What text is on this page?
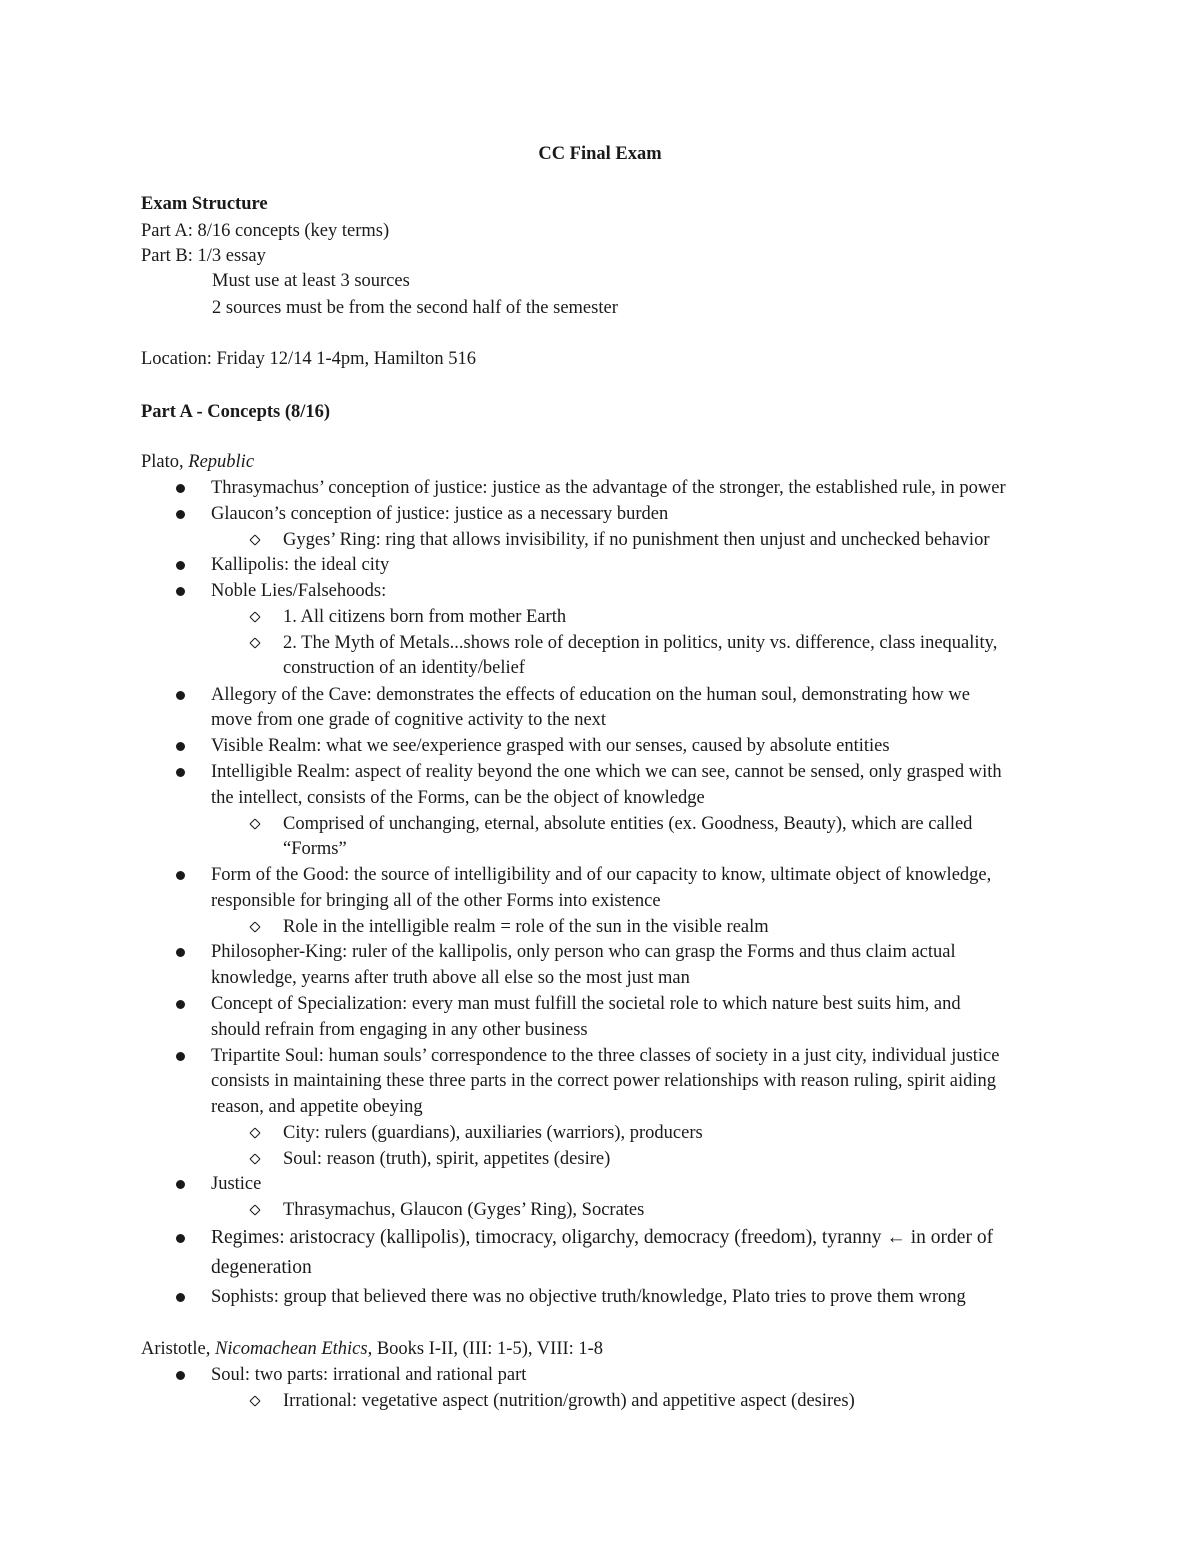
CC Final Exam
Exam Structure
Part A: 8/16 concepts (key terms)
Part B: 1/3 essay
Must use at least 3 sources
2 sources must be from the second half of the semester
Location: Friday 12/14 1-4pm, Hamilton 516
Part A - Concepts (8/16)
Plato, Republic
Thrasymachus’ conception of justice: justice as the advantage of the stronger, the established rule, in power
Glaucon’s conception of justice: justice as a necessary burden
Gyges’ Ring: ring that allows invisibility, if no punishment then unjust and unchecked behavior
Kallipolis: the ideal city
Noble Lies/Falsehoods:
1. All citizens born from mother Earth
2. The Myth of Metals...shows role of deception in politics, unity vs. difference, class inequality,
construction of an identity/belief
Allegory of the Cave: demonstrates the effects of education on the human soul, demonstrating how we
move from one grade of cognitive activity to the next
Visible Realm: what we see/experience grasped with our senses, caused by absolute entities
Intelligible Realm: aspect of reality beyond the one which we can see, cannot be sensed, only grasped with
the intellect, consists of the Forms, can be the object of knowledge
Comprised of unchanging, eternal, absolute entities (ex. Goodness, Beauty), which are called
“Forms”
Form of the Good: the source of intelligibility and of our capacity to know, ultimate object of knowledge,
responsible for bringing all of the other Forms into existence
Role in the intelligible realm = role of the sun in the visible realm
Philosopher-King: ruler of the kallipolis, only person who can grasp the Forms and thus claim actual
knowledge, yearns after truth above all else so the most just man
Concept of Specialization: every man must fulfill the societal role to which nature best suits him, and
should refrain from engaging in any other business
Tripartite Soul: human souls’ correspondence to the three classes of society in a just city, individual justice
consists in maintaining these three parts in the correct power relationships with reason ruling, spirit aiding
reason, and appetite obeying
City: rulers (guardians), auxiliaries (warriors), producers
Soul: reason (truth), spirit, appetites (desire)
Justice
Thrasymachus, Glaucon (Gyges’ Ring), Socrates
Regimes: aristocracy (kallipolis), timocracy, oligarchy, democracy (freedom), tyranny ← in order of
degeneration
Sophists: group that believed there was no objective truth/knowledge, Plato tries to prove them wrong
Aristotle, Nicomachean Ethics, Books I-II, (III: 1-5), VIII: 1-8
Soul: two parts: irrational and rational part
Irrational: vegetative aspect (nutrition/growth) and appetitive aspect (desires)
